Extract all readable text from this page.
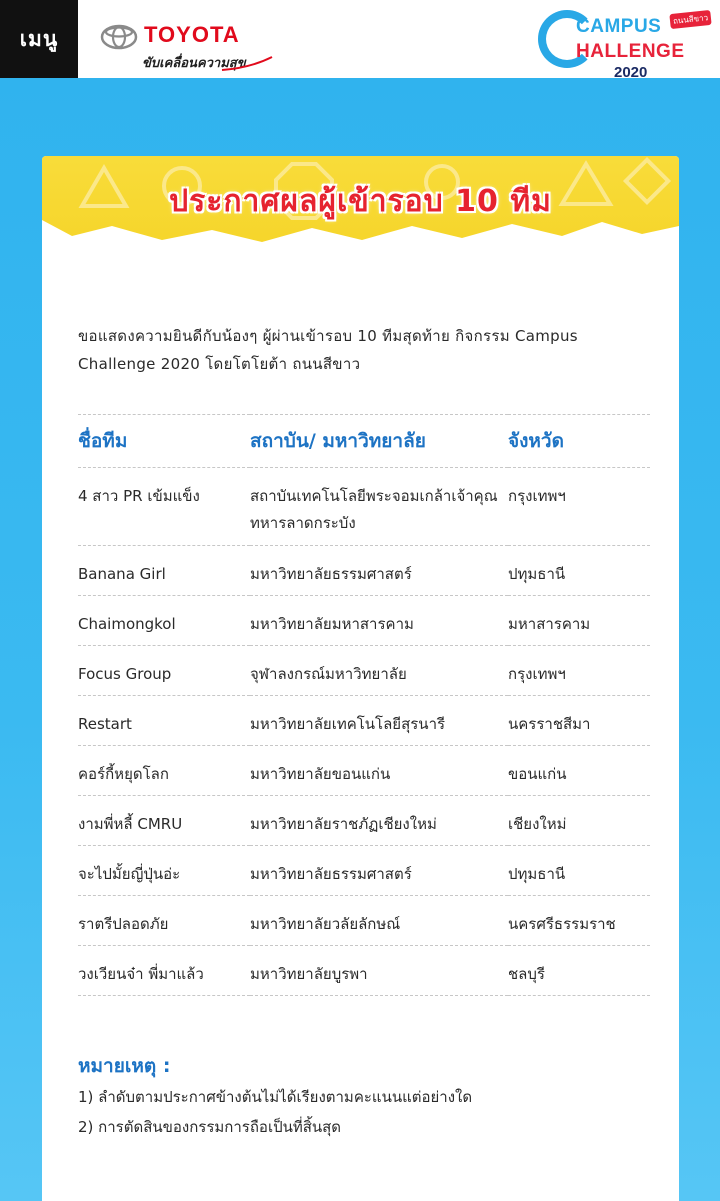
เมนู	TOYOTA
ขับเคลื่อนความสุข
CAMPUS	ถนนสีขาว
HALLENGE
2020
ประกาศผลผู้เข้ารอบ 10 ทีม
ขอแสดงความยินดีกับน้องๆ ผู้ผ่านเข้ารอบ 10 ทีมสุดท้าย กิจกรรม Campus Challenge 2020 โดยโตโยต้า ถนนสีขาว
ชื่อทีม	สถาบัน/ มหาวิทยาลัย	จังหวัด
4 สาว PR เข้มแข็ง	สถาบันเทคโนโลยีพระจอมเกล้าเจ้าคุณทหารลาดกระบัง	กรุงเทพฯ
Banana Girl	มหาวิทยาลัยธรรมศาสตร์	ปทุมธานี
Chaimongkol	มหาวิทยาลัยมหาสารคาม	มหาสารคาม
Focus Group	จุฬาลงกรณ์มหาวิทยาลัย	กรุงเทพฯ
Restart	มหาวิทยาลัยเทคโนโลยีสุรนารี	นครราชสีมา
คอร์กี้หยุดโลก	มหาวิทยาลัยขอนแก่น	ขอนแก่น
งามพี่หลี้ CMRU	มหาวิทยาลัยราชภัฏเชียงใหม่	เชียงใหม่
จะไปมั้ยญี่ปุ่นอ่ะ	มหาวิทยาลัยธรรมศาสตร์	ปทุมธานี
ราตรีปลอดภัย	มหาวิทยาลัยวลัยลักษณ์	นครศรีธรรมราช
วงเวียนจ๋า พี่มาแล้ว	มหาวิทยาลัยบูรพา	ชลบุรี
หมายเหตุ :
1) ลำดับตามประกาศข้างต้นไม่ได้เรียงตามคะแนนแต่อย่างใด
2) การตัดสินของกรรมการถือเป็นที่สิ้นสุด
